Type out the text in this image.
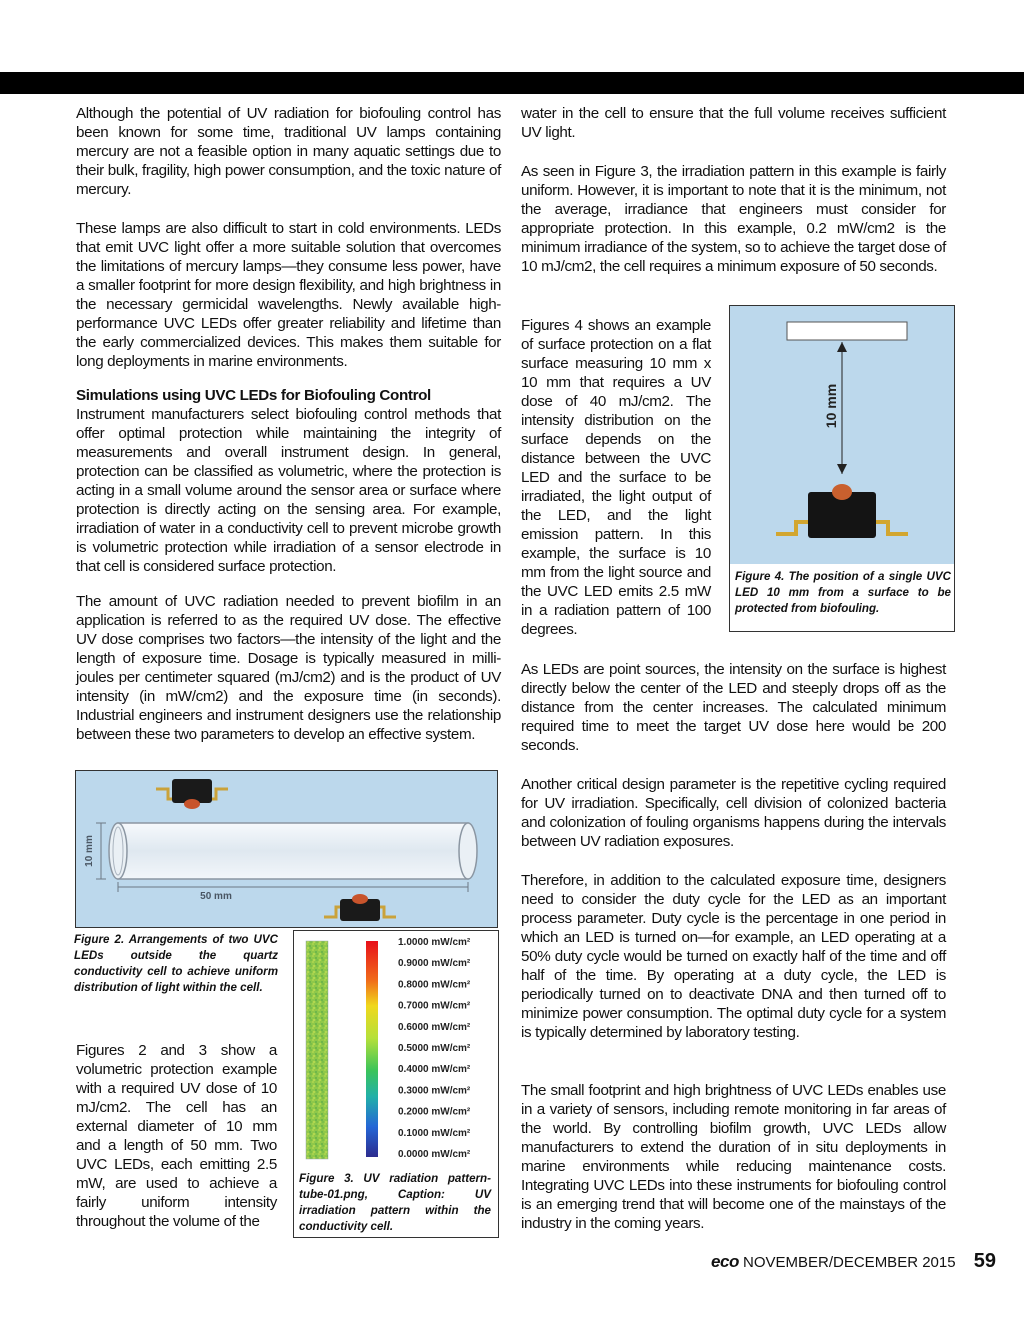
Although the potential of UV radiation for biofouling control has been known for some time, traditional UV lamps containing mercury are not a feasible option in many aquatic settings due to their bulk, fragility, high power consumption, and the toxic nature of mercury.

These lamps are also difficult to start in cold environments. LEDs that emit UVC light offer a more suitable solution that overcomes the limitations of mercury lamps—they consume less power, have a smaller footprint for more design flexibility, and high brightness in the necessary germicidal wavelengths. Newly available high-performance UVC LEDs offer greater reliability and lifetime than the early commercialized devices. This makes them suitable for long deployments in marine environments.

Simulations using UVC LEDs for Biofouling Control

Instrument manufacturers select biofouling control methods that offer optimal protection while maintaining the integrity of measurements and overall instrument design. In general, protection can be classified as volumetric, where the protection is acting in a small volume around the sensor area or surface where protection is directly acting on the sensing area. For example, irradiation of water in a conductivity cell to prevent microbe growth is volumetric protection while irradiation of a sensor electrode in that cell is considered surface protection.

The amount of UVC radiation needed to prevent biofilm in an application is referred to as the required UV dose. The effective UV dose comprises two factors—the intensity of the light and the length of exposure time. Dosage is typically measured in milli-joules per centimeter squared (mJ/cm2) and is the product of UV intensity (in mW/cm2) and the exposure time (in seconds). Industrial engineers and instrument designers use the relationship between these two parameters to develop an effective system.

10 mm
50 mm

Figure 2. Arrangements of two UVC LEDs outside the quartz conductivity cell to achieve uniform distribution of light within the cell.

Figures 2 and 3 show a volumetric protection example with a required UV dose of 10 mJ/cm2. The cell has an external diameter of 10 mm and a length of 50 mm. Two UVC LEDs, each emitting 2.5 mW, are used to achieve a fairly uniform intensity throughout the volume of the

1.0000 mW/cm²
0.9000 mW/cm²
0.8000 mW/cm²
0.7000 mW/cm²
0.6000 mW/cm²
0.5000 mW/cm²
0.4000 mW/cm²
0.3000 mW/cm²
0.2000 mW/cm²
0.1000 mW/cm²
0.0000 mW/cm²

Figure 3. UV radiation pattern-tube-01.png, Caption: UV irradiation pattern within the conductivity cell.

water in the cell to ensure that the full volume receives sufficient UV light.

As seen in Figure 3, the irradiation pattern in this example is fairly uniform. However, it is important to note that it is the minimum, not the average, irradiance that engineers must consider for appropriate protection. In this example, 0.2 mW/cm2 is the minimum irradiance of the system, so to achieve the target dose of 10 mJ/cm2, the cell requires a minimum exposure of 50 seconds.

Figures 4 shows an example of surface protection on a flat surface measuring 10 mm x 10 mm that requires a UV dose of 40 mJ/cm2. The intensity distribution on the surface depends on the distance between the UVC LED and the surface to be irradiated, the light output of the LED, and the light emission pattern. In this example, the surface is 10 mm from the light source and the UVC LED emits 2.5 mW in a radiation pattern of 100 degrees.

10 mm

Figure 4. The position of a single UVC LED 10 mm from a surface to be protected from biofouling.

As LEDs are point sources, the intensity on the surface is highest directly below the center of the LED and steeply drops off as the distance from the center increases. The calculated minimum required time to meet the target UV dose here would be 200 seconds.

Another critical design parameter is the repetitive cycling required for UV irradiation. Specifically, cell division of colonized bacteria and colonization of fouling organisms happens during the intervals between UV radiation exposures.

Therefore, in addition to the calculated exposure time, designers need to consider the duty cycle for the LED as an important process parameter. Duty cycle is the percentage in one period in which an LED is turned on—for example, an LED operating at a 50% duty cycle would be turned on exactly half of the time and off half of the time. By operating at a duty cycle, the LED is periodically turned on to deactivate DNA and then turned off to minimize power consumption. The optimal duty cycle for a system is typically determined by laboratory testing.

The small footprint and high brightness of UVC LEDs enables use in a variety of sensors, including remote monitoring in far areas of the world. By controlling biofilm growth, UVC LEDs allow manufacturers to extend the duration of in situ deployments in marine environments while reducing maintenance costs. Integrating UVC LEDs into these instruments for biofouling control is an emerging trend that will become one of the mainstays of the industry in the coming years.

eco NOVEMBER/DECEMBER 2015 59
